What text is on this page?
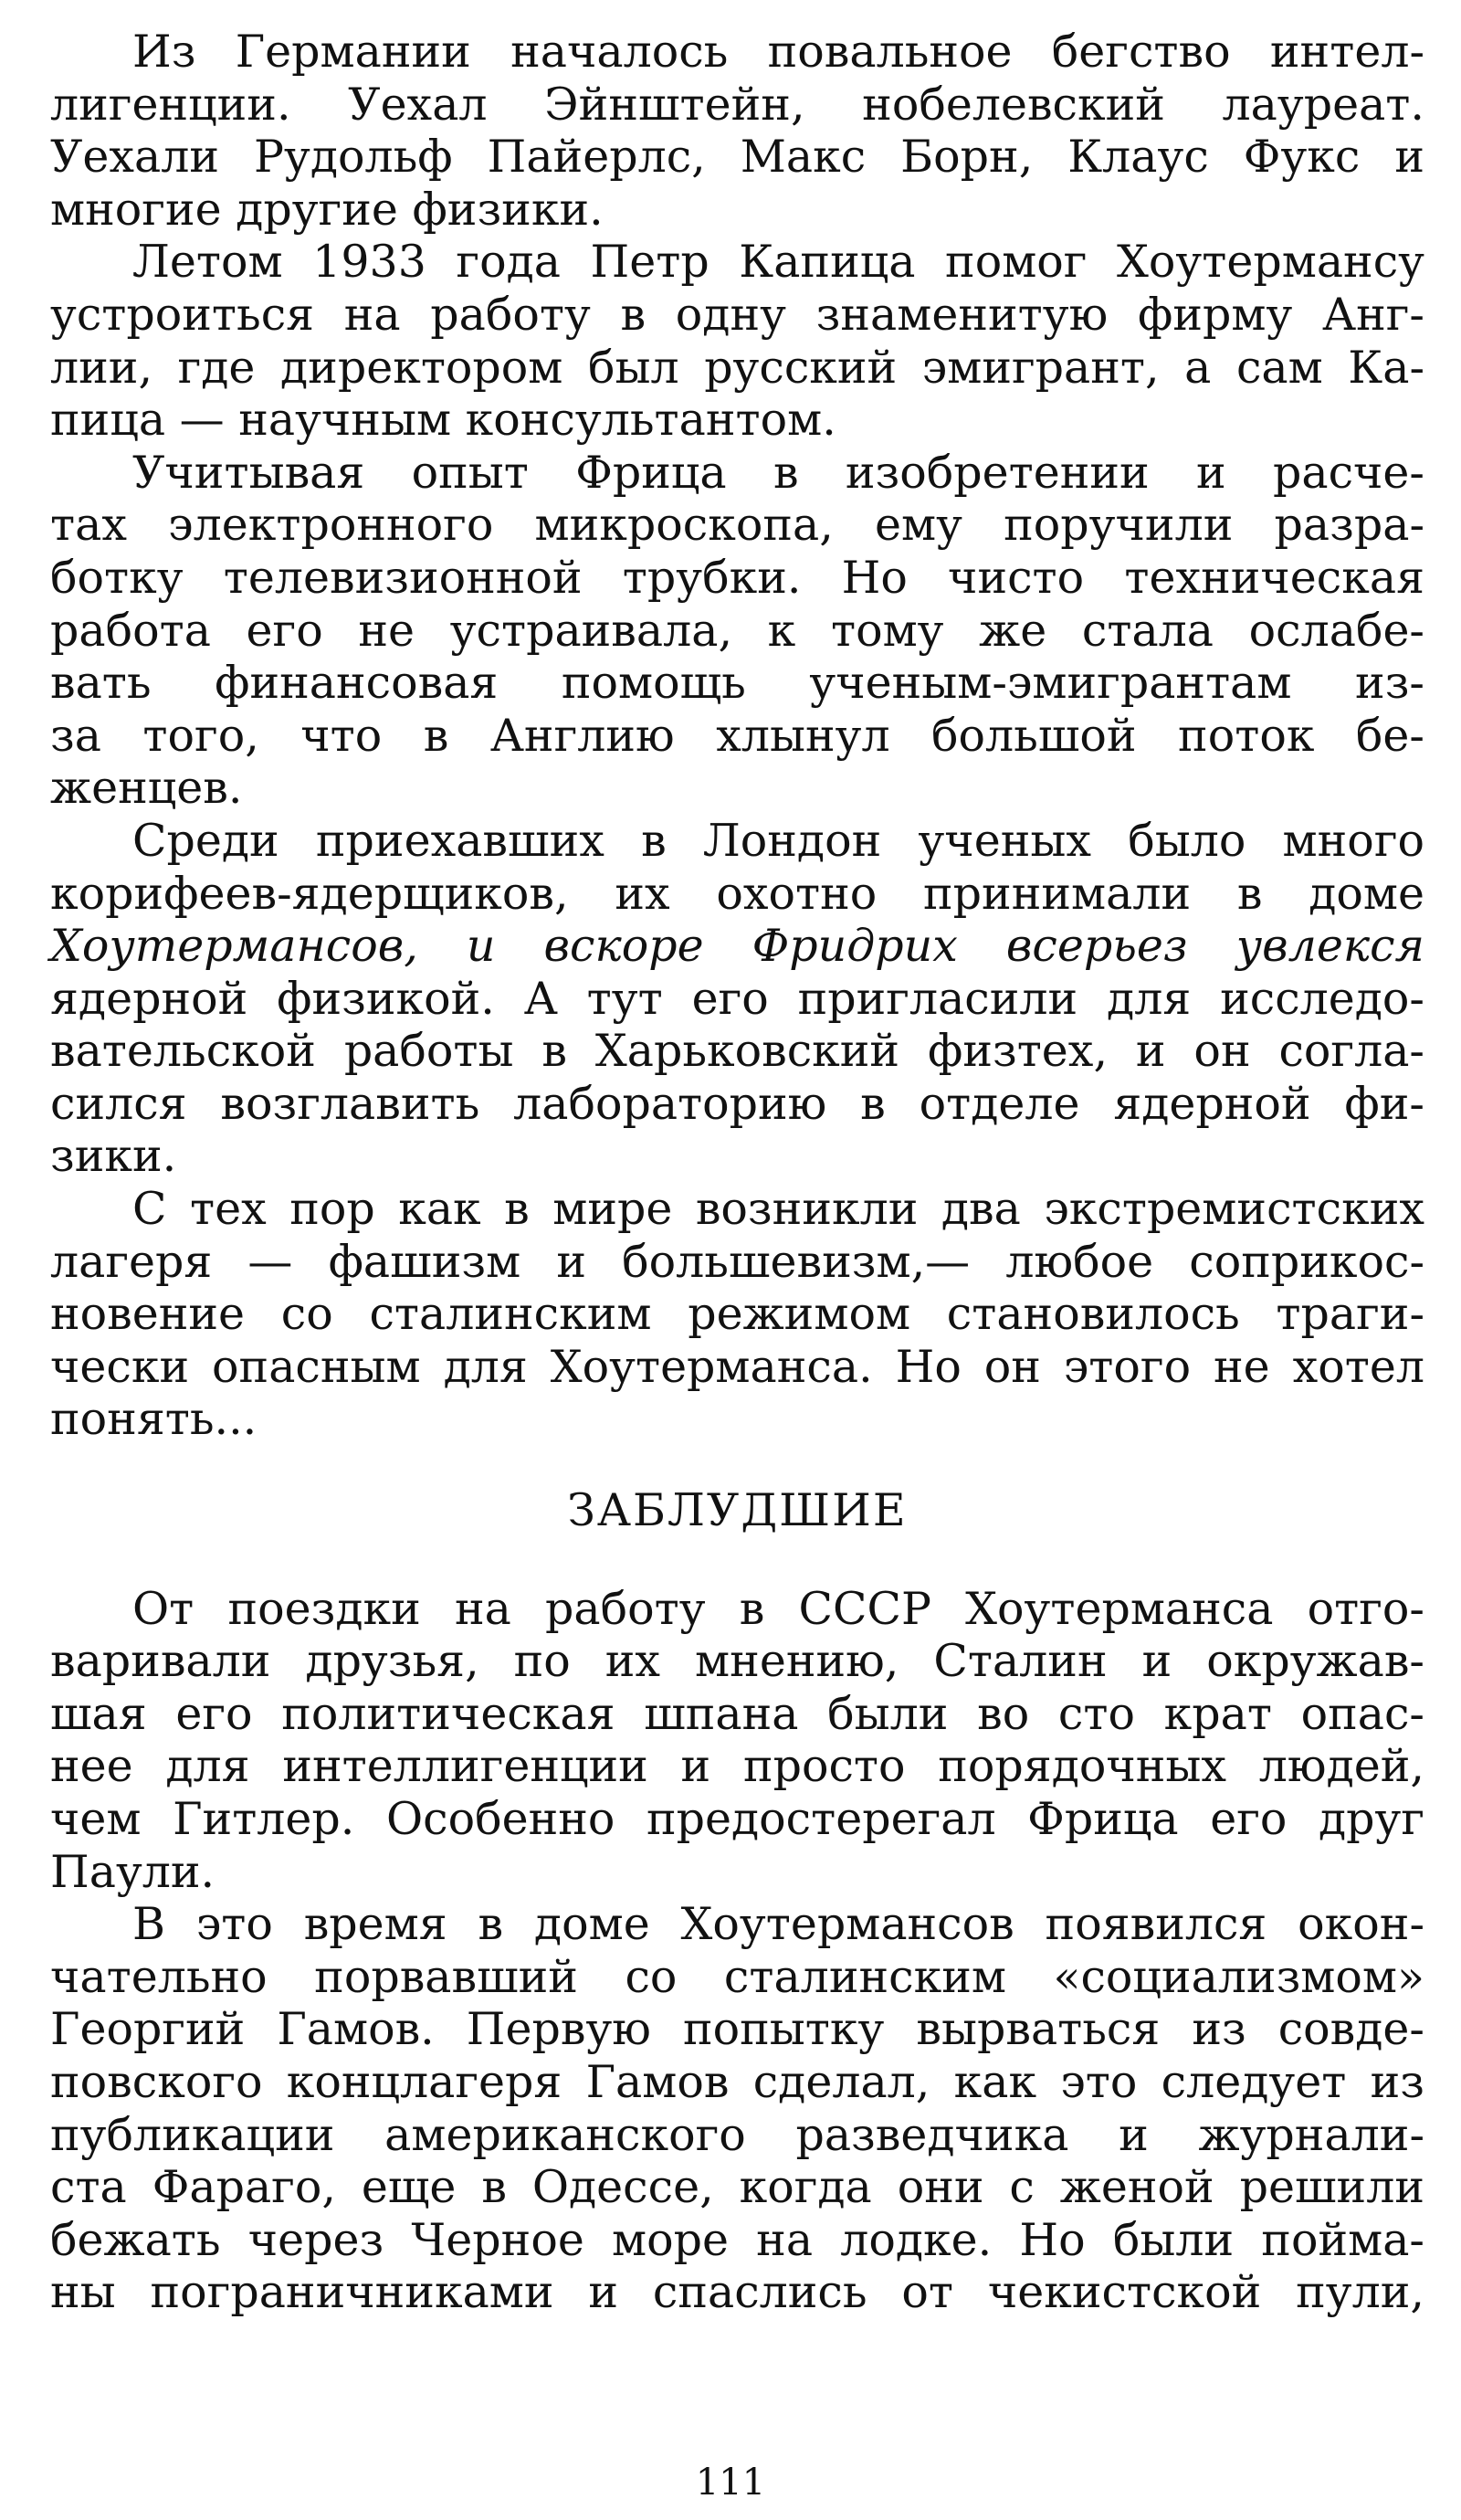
Из Германии началось повальное бегство интел-
лигенции. Уехал Эйнштейн, нобелевский лауреат.
Уехали Рудольф Пайерлс, Макс Борн, Клаус Фукс и
многие другие физики.
Летом 1933 года Петр Капица помог Хоутермансу
устроиться на работу в одну знаменитую фирму Анг-
лии, где директором был русский эмигрант, а сам Ка-
пица — научным консультантом.
Учитывая опыт Фрица в изобретении и расче-
тах электронного микроскопа, ему поручили разра-
ботку телевизионной трубки. Но чисто техническая
работа его не устраивала, к тому же стала ослабе-
вать финансовая помощь ученым-эмигрантам из-
за того, что в Англию хлынул большой поток бе-
женцев.
Среди приехавших в Лондон ученых было много
корифеев-ядерщиков, их охотно принимали в доме
Хоутермансов, и вскоре Фридрих всерьез увлекся
ядерной физикой. А тут его пригласили для исследо-
вательской работы в Харьковский физтех, и он согла-
сился возглавить лабораторию в отделе ядерной фи-
зики.
С тех пор как в мире возникли два экстремистских
лагеря — фашизм и большевизм,— любое соприкос-
новение со сталинским режимом становилось траги-
чески опасным для Хоутерманса. Но он этого не хотел
понять...
ЗАБЛУДШИЕ
От поездки на работу в СССР Хоутерманса отго-
варивали друзья, по их мнению, Сталин и окружав-
шая его политическая шпана были во сто крат опас-
нее для интеллигенции и просто порядочных людей,
чем Гитлер. Особенно предостерегал Фрица его друг
Паули.
В это время в доме Хоутермансов появился окон-
чательно порвавший со сталинским «социализмом»
Георгий Гамов. Первую попытку вырваться из совде-
повского концлагеря Гамов сделал, как это следует из
публикации американского разведчика и журнали-
ста Фараго, еще в Одессе, когда они с женой решили
бежать через Черное море на лодке. Но были пойма-
ны пограничниками и спаслись от чекистской пули,
111
